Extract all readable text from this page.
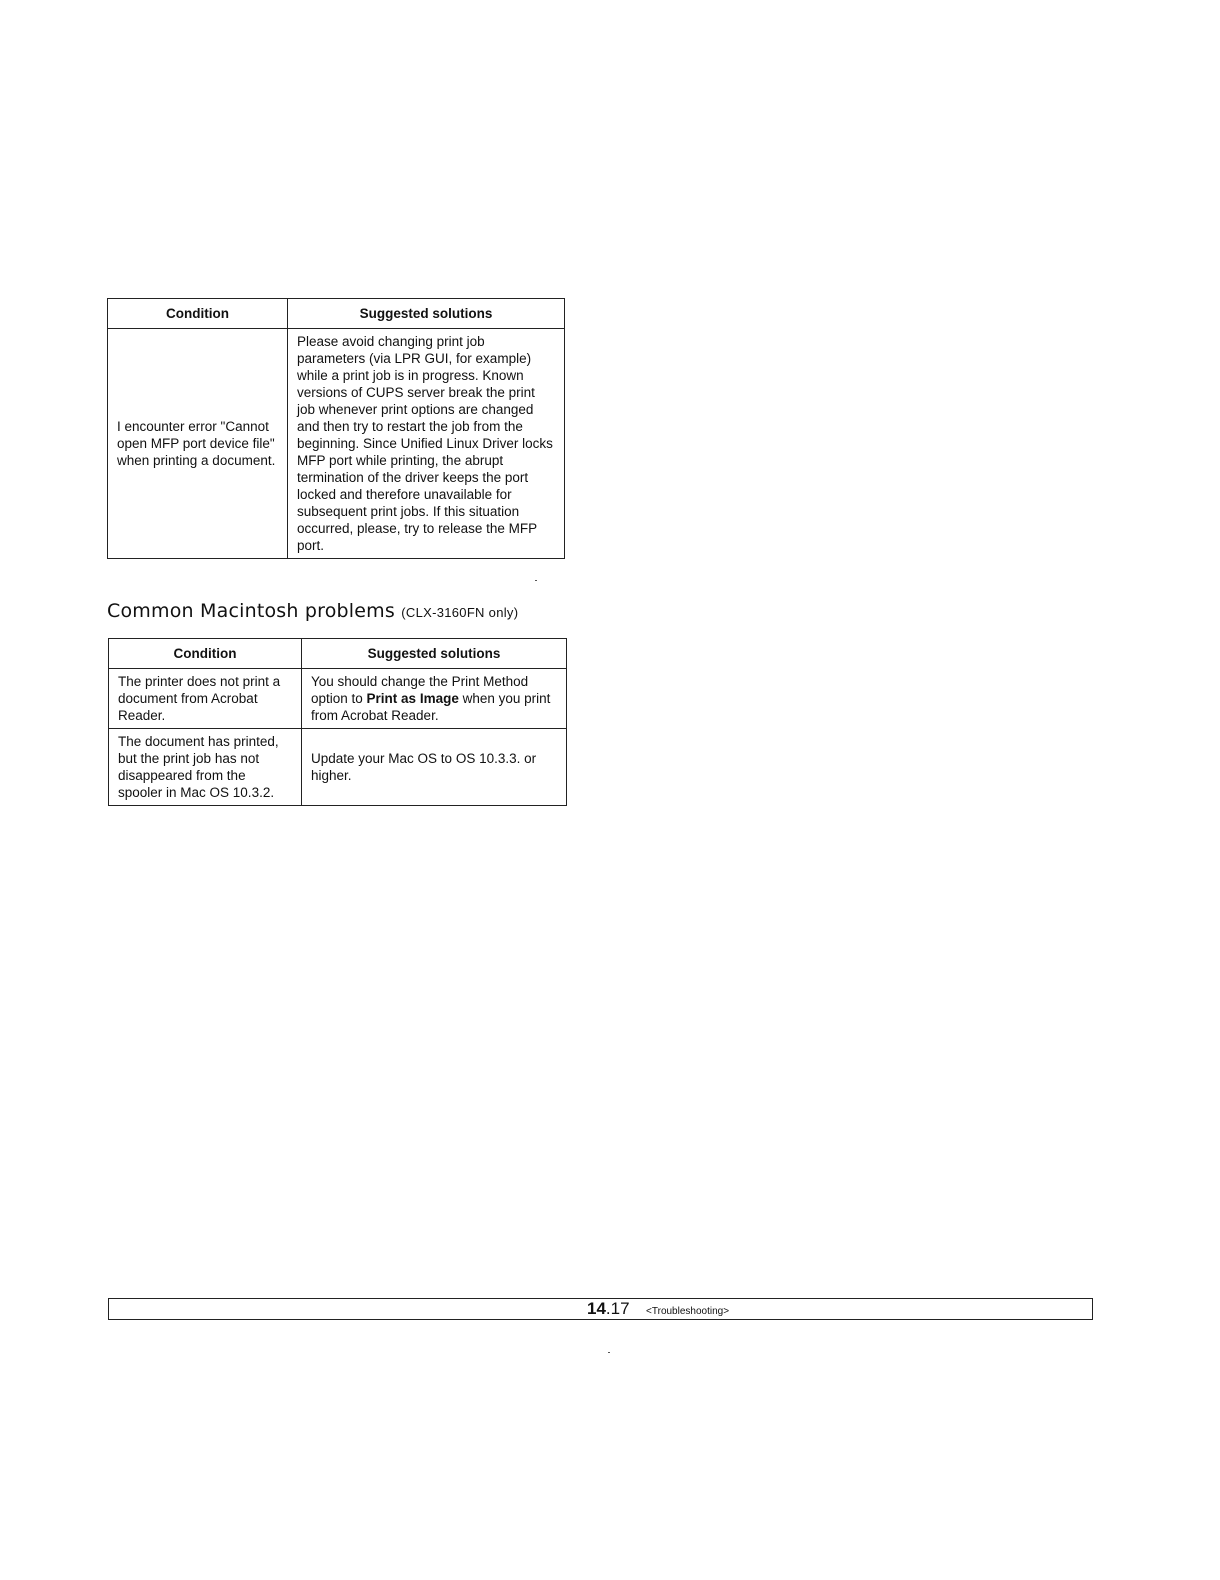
Condition	Suggested solutions
I encounter error "Cannot open MFP port device file" when printing a document.	Please avoid changing print job parameters (via LPR GUI, for example) while a print job is in progress. Known versions of CUPS server break the print job whenever print options are changed and then try to restart the job from the beginning. Since Unified Linux Driver locks MFP port while printing, the abrupt termination of the driver keeps the port locked and therefore unavailable for subsequent print jobs. If this situation occurred, please, try to release the MFP port.
Common Macintosh problems (CLX-3160FN only)
Condition	Suggested solutions
The printer does not print a document from Acrobat Reader.	You should change the Print Method option to Print as Image when you print from Acrobat Reader.
The document has printed, but the print job has not disappeared from the spooler in Mac OS 10.3.2.	Update your Mac OS to OS 10.3.3. or higher.
14.17 <Troubleshooting>
